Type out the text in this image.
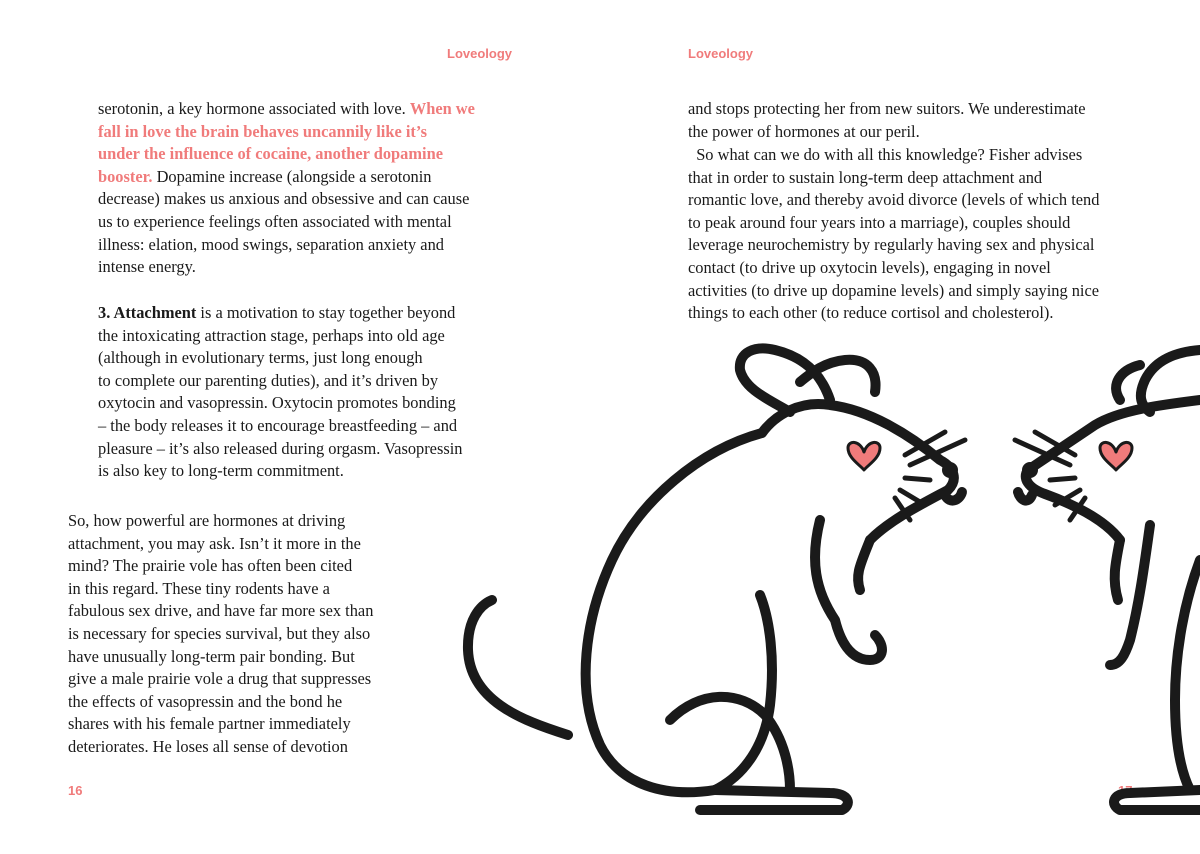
Loveology

serotonin, a key hormone associated with love. When we
fall in love the brain behaves uncannily like it’s
under the influence of cocaine, another dopamine
booster. Dopamine increase (alongside a serotonin
decrease) makes us anxious and obsessive and can cause
us to experience feelings often associated with mental
illness: elation, mood swings, separation anxiety and
intense energy.

3. Attachment is a motivation to stay together beyond
the intoxicating attraction stage, perhaps into old age
(although in evolutionary terms, just long enough
to complete our parenting duties), and it’s driven by
oxytocin and vasopressin. Oxytocin promotes bonding
– the body releases it to encourage breastfeeding – and
pleasure – it’s also released during orgasm. Vasopressin
is also key to long-term commitment.

So, how powerful are hormones at driving
attachment, you may ask. Isn’t it more in the
mind? The prairie vole has often been cited
in this regard. These tiny rodents have a
fabulous sex drive, and have far more sex than
is necessary for species survival, but they also
have unusually long-term pair bonding. But
give a male prairie vole a drug that suppresses
the effects of vasopressin and the bond he
shares with his female partner immediately
deteriorates. He loses all sense of devotion

16
Loveology

and stops protecting her from new suitors. We underestimate
the power of hormones at our peril.

So what can we do with all this knowledge? Fisher advises
that in order to sustain long-term deep attachment and
romantic love, and thereby avoid divorce (levels of which tend
to peak around four years into a marriage), couples should
leverage neurochemistry by regularly having sex and physical
contact (to drive up oxytocin levels), engaging in novel
activities (to drive up dopamine levels) and simply saying nice
things to each other (to reduce cortisol and cholesterol).

17
